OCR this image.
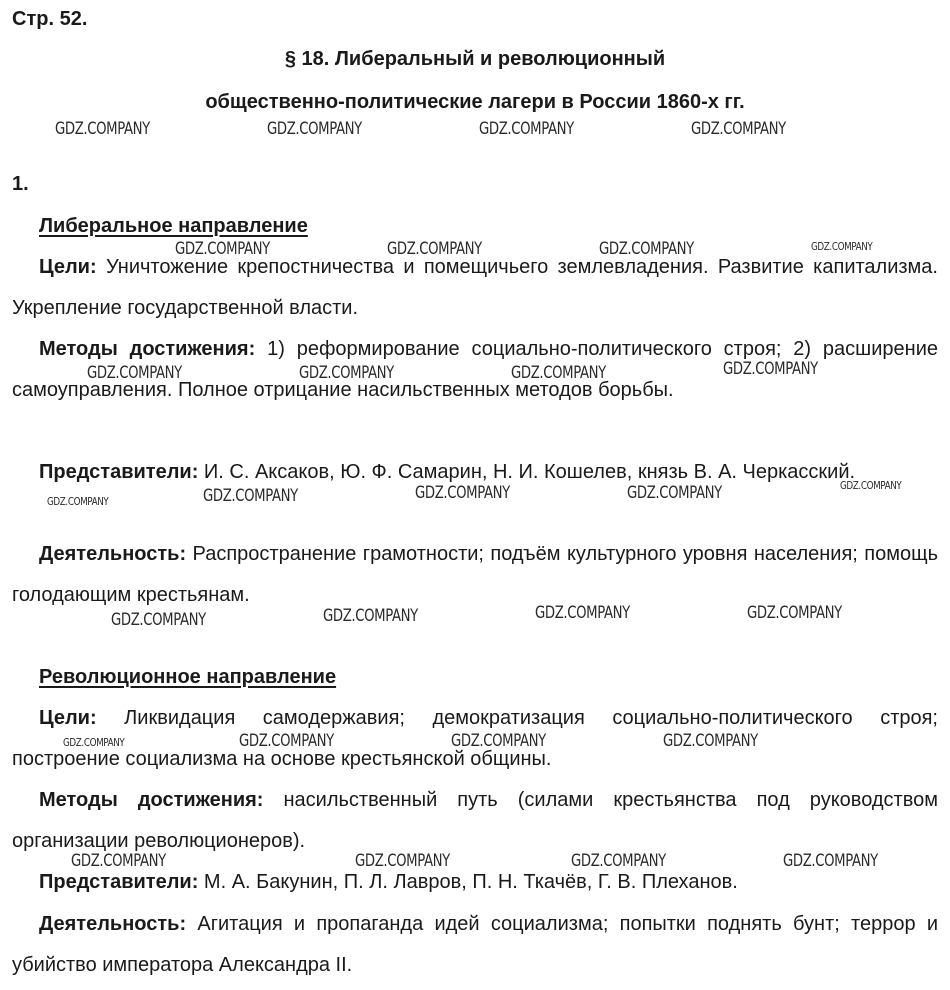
Стр. 52.
§ 18. Либеральный и революционный
общественно-политические лагери в России 1860-х гг.
1.
Либеральное направление
Цели: Уничтожение крепостничества и помещичьего землевладения. Развитие капитализма. Укрепление государственной власти.
Методы достижения: 1) реформирование социально-политического строя; 2) расширение самоуправления. Полное отрицание насильственных методов борьбы.
Представители: И. С. Аксаков, Ю. Ф. Самарин, Н. И. Кошелев, князь В. А. Черкасский.
Деятельность: Распространение грамотности; подъём культурного уровня населения; помощь голодающим крестьянам.
Революционное направление
Цели: Ликвидация самодержавия; демократизация социально-политического строя; построение социализма на основе крестьянской общины.
Методы достижения: насильственный путь (силами крестьянства под руководством организации революционеров).
Представители: М. А. Бакунин, П. Л. Лавров, П. Н. Ткачёв, Г. В. Плеханов.
Деятельность: Агитация и пропаганда идей социализма; попытки поднять бунт; террор и убийство императора Александра II.
GDZ.COMPANY	GDZ.COMPANY	GDZ.COMPANY	GDZ.COMPANY
GDZ.COMPANY	GDZ.COMPANY	GDZ.COMPANY	GDZ.COMPANY
GDZ.COMPANY	GDZ.COMPANY	GDZ.COMPANY	GDZ.COMPANY
GDZ.COMPANY	GDZ.COMPANY	GDZ.COMPANY	GDZ.COMPANY	GDZ.COMPANY
GDZ.COMPANY	GDZ.COMPANY	GDZ.COMPANY	GDZ.COMPANY
GDZ.COMPANY	GDZ.COMPANY	GDZ.COMPANY	GDZ.COMPANY
GDZ.COMPANY	GDZ.COMPANY	GDZ.COMPANY	GDZ.COMPANY
